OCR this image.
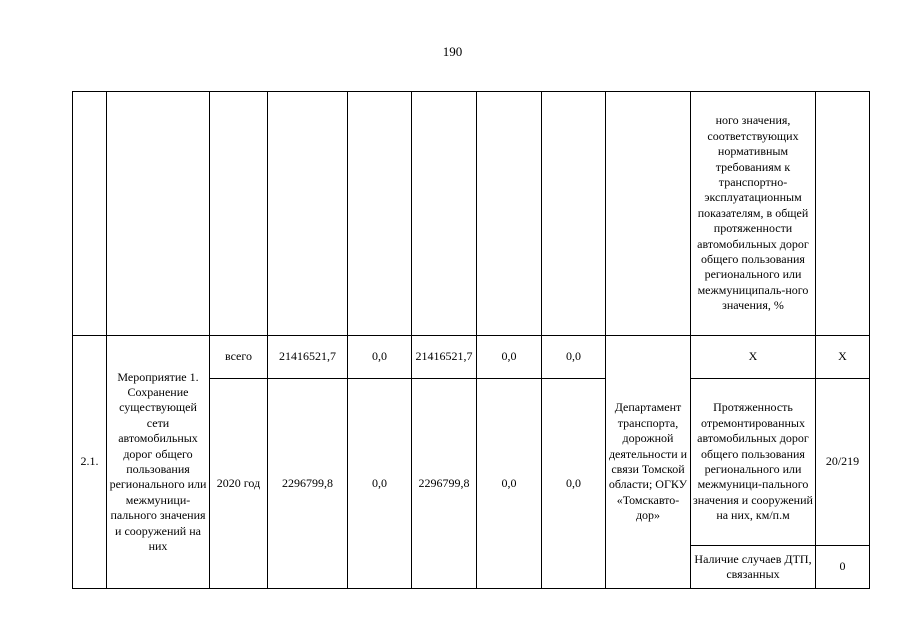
190
									ного значения, соответствующих нормативным требованиям к транспортно-эксплуатационным показателям, в общей протяженности автомобильных дорог общего пользования регионального или межмуниципаль-ного значения, %	
2.1.	Мероприятие 1. Сохранение существующей сети автомобильных дорог общего пользования регионального или межмуници-пального значения и сооружений на них	всего	21416521,7	0,0	21416521,7	0,0	0,0	Департамент транспорта, дорожной деятельности и связи Томской области; ОГКУ «Томскавто-дор»	Х	Х
		2020 год	2296799,8	0,0	2296799,8	0,0	0,0		Протяженность отремонтированных автомобильных дорог общего пользования регионального или межмуници-пального значения и сооружений на них, км/п.м	20/219
									Наличие случаев ДТП, связанных	0
